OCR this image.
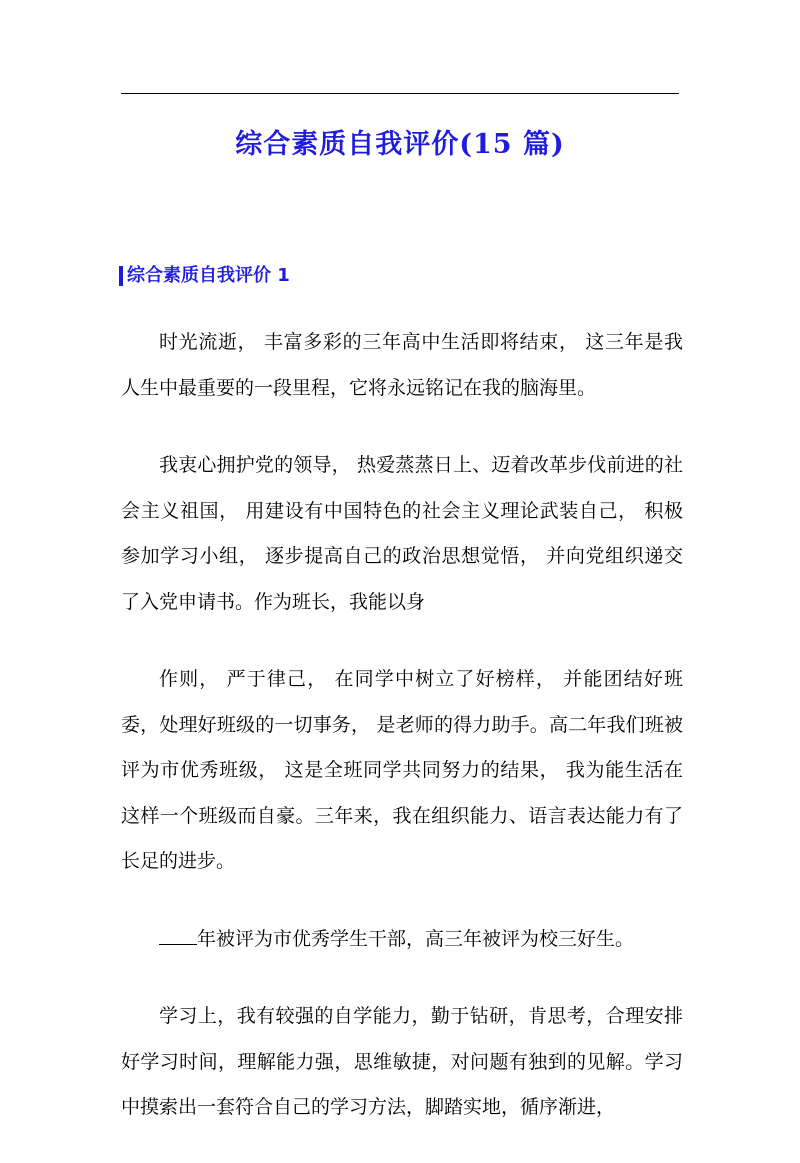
综合素质自我评价(15 篇)
综合素质自我评价 1

时光流逝， 丰富多彩的三年高中生活即将结束， 这三年是我人生中最重要的一段里程，它将永远铭记在我的脑海里。

我衷心拥护党的领导， 热爱蒸蒸日上、迈着改革步伐前进的社会主义祖国， 用建设有中国特色的社会主义理论武装自己， 积极参加学习小组， 逐步提高自己的政治思想觉悟， 并向党组织递交了入党申请书。作为班长，我能以身

作则， 严于律己， 在同学中树立了好榜样， 并能团结好班委，处理好班级的一切事务， 是老师的得力助手。高二年我们班被评为市优秀班级， 这是全班同学共同努力的结果， 我为能生活在这样一个班级而自豪。三年来，我在组织能力、语言表达能力有了长足的进步。

年被评为市优秀学生干部，高三年被评为校三好生。

学习上，我有较强的自学能力，勤于钻研，肯思考，合理安排好学习时间，理解能力强，思维敏捷，对问题有独到的见解。学习中摸索出一套符合自己的学习方法，脚踏实地，循序渐进，
